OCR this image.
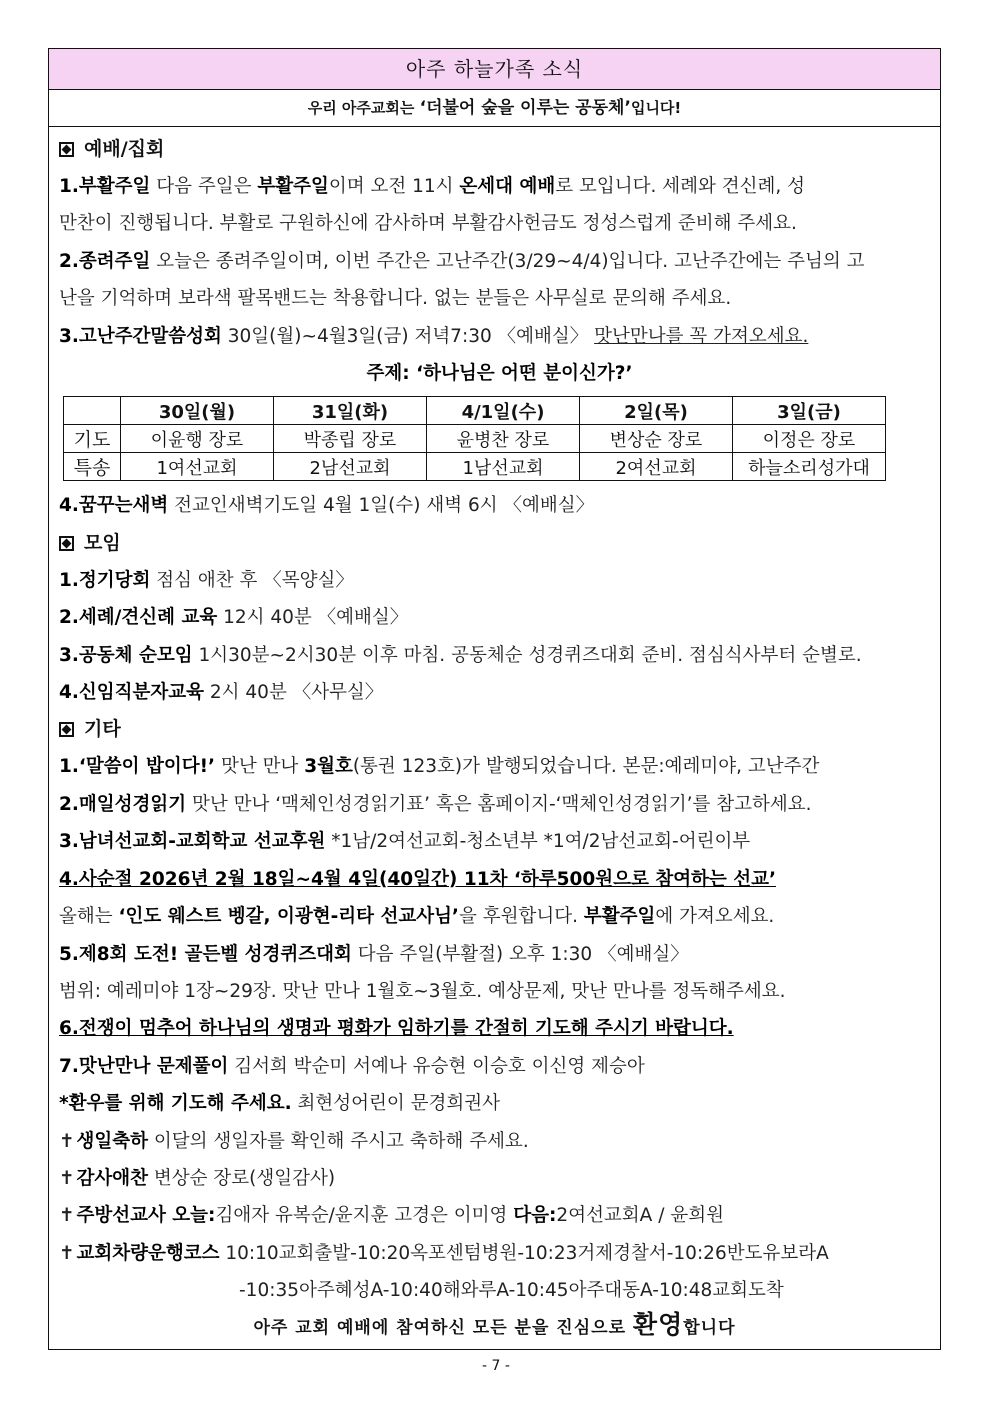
아주 하늘가족 소식
우리 아주교회는 ‘더불어 숲을 이루는 공동체’입니다!
예배/집회
1.부활주일 다음 주일은 부활주일이며 오전 11시 온세대 예배로 모입니다. 세례와 견신례, 성
만찬이 진행됩니다. 부활로 구원하신에 감사하며 부활감사헌금도 정성스럽게 준비해 주세요.
2.종려주일 오늘은 종려주일이며, 이번 주간은 고난주간(3/29~4/4)입니다. 고난주간에는 주님의 고
난을 기억하며 보라색 팔목밴드는 착용합니다. 없는 분들은 사무실로 문의해 주세요.
3.고난주간말씀성회 30일(월)~4월3일(금) 저녁7:30 〈예배실〉 맛난만나를 꼭 가져오세요.
주제: ‘하나님은 어떤 분이신가?’
	30일(월)	31일(화)	4/1일(수)	2일(목)	3일(금)
기도	이윤행 장로	박종립 장로	윤병찬 장로	변상순 장로	이정은 장로
특송	1여선교회	2남선교회	1남선교회	2여선교회	하늘소리성가대
4.꿈꾸는새벽 전교인새벽기도일 4월 1일(수) 새벽 6시 〈예배실〉
모임
1.정기당회 점심 애찬 후 〈목양실〉
2.세례/견신례 교육 12시 40분 〈예배실〉
3.공동체 순모임 1시30분~2시30분 이후 마침. 공동체순 성경퀴즈대회 준비. 점심식사부터 순별로.
4.신임직분자교육 2시 40분 〈사무실〉
기타
1.‘말씀이 밥이다!’ 맛난 만나 3월호(통권 123호)가 발행되었습니다. 본문:예레미야, 고난주간
2.매일성경읽기 맛난 만나 ‘맥체인성경읽기표’ 혹은 홈페이지-‘맥체인성경읽기’를 참고하세요.
3.남녀선교회-교회학교 선교후원 *1남/2여선교회-청소년부 *1여/2남선교회-어린이부
4.사순절 2026년 2월 18일~4월 4일(40일간) 11차 ‘하루500원으로 참여하는 선교’
올해는 ‘인도 웨스트 벵갈, 이광현-리타 선교사님’을 후원합니다. 부활주일에 가져오세요.
5.제8회 도전! 골든벨 성경퀴즈대회 다음 주일(부활절) 오후 1:30 〈예배실〉
범위: 예레미야 1장~29장. 맛난 만나 1월호~3월호. 예상문제, 맛난 만나를 정독해주세요.
6.전쟁이 멈추어 하나님의 생명과 평화가 임하기를 간절히 기도해 주시기 바랍니다.
7.맛난만나 문제풀이 김서희 박순미 서예나 유승현 이승호 이신영 제승아
*환우를 위해 기도해 주세요. 최현성어린이 문경희권사
✝ 생일축하 이달의 생일자를 확인해 주시고 축하해 주세요.
✝ 감사애찬 변상순 장로(생일감사)
✝ 주방선교사 오늘:김애자 유복순/윤지훈 고경은 이미영 다음:2여선교회A / 윤희원
✝ 교회차량운행코스 10:10교회출발-10:20옥포센텀병원-10:23거제경찰서-10:26반도유보라A
-10:35아주혜성A-10:40해와루A-10:45아주대동A-10:48교회도착
아주 교회 예배에 참여하신 모든 분을 진심으로 환영합니다
- 7 -
